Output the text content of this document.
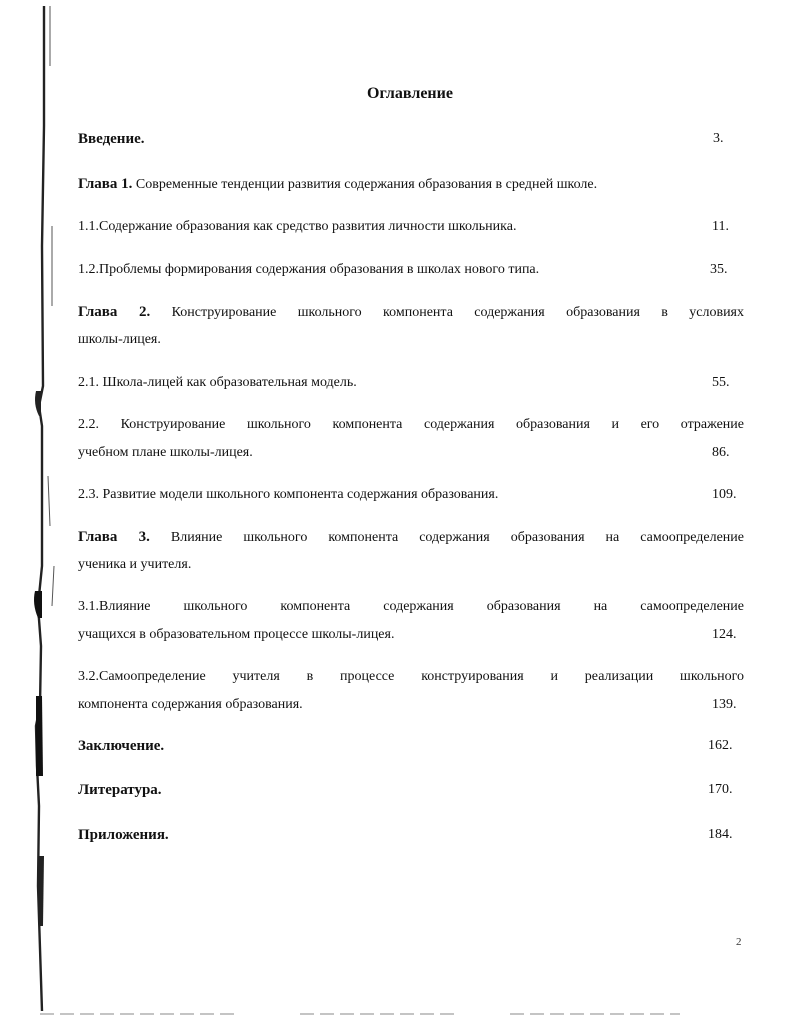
Оглавление
Введение.	3.
Глава 1. Современные тенденции развития содержания образования в средней школе.
1.1.Содержание образования как средство развития личности школьника.	11.
1.2.Проблемы формирования содержания образования в школах нового типа.	35.
Глава 2. Конструирование школьного компонента содержания образования в условиях
школы-лицея.
2.1. Школа-лицей как образовательная модель.	55.
2.2. Конструирование школьного компонента содержания образования и его отражение
учебном плане школы-лицея.	86.
2.3. Развитие модели школьного компонента содержания образования.	109.
Глава 3. Влияние школьного компонента содержания образования на самоопределение
ученика и учителя.
3.1.Влияние школьного компонента содержания образования на самоопределение
учащихся в образовательном процессе школы-лицея.	124.
3.2.Самоопределение учителя в процессе конструирования и реализации школьного
компонента содержания образования.	139.
Заключение.	162.
Литература.	170.
Приложения.	184.
2
